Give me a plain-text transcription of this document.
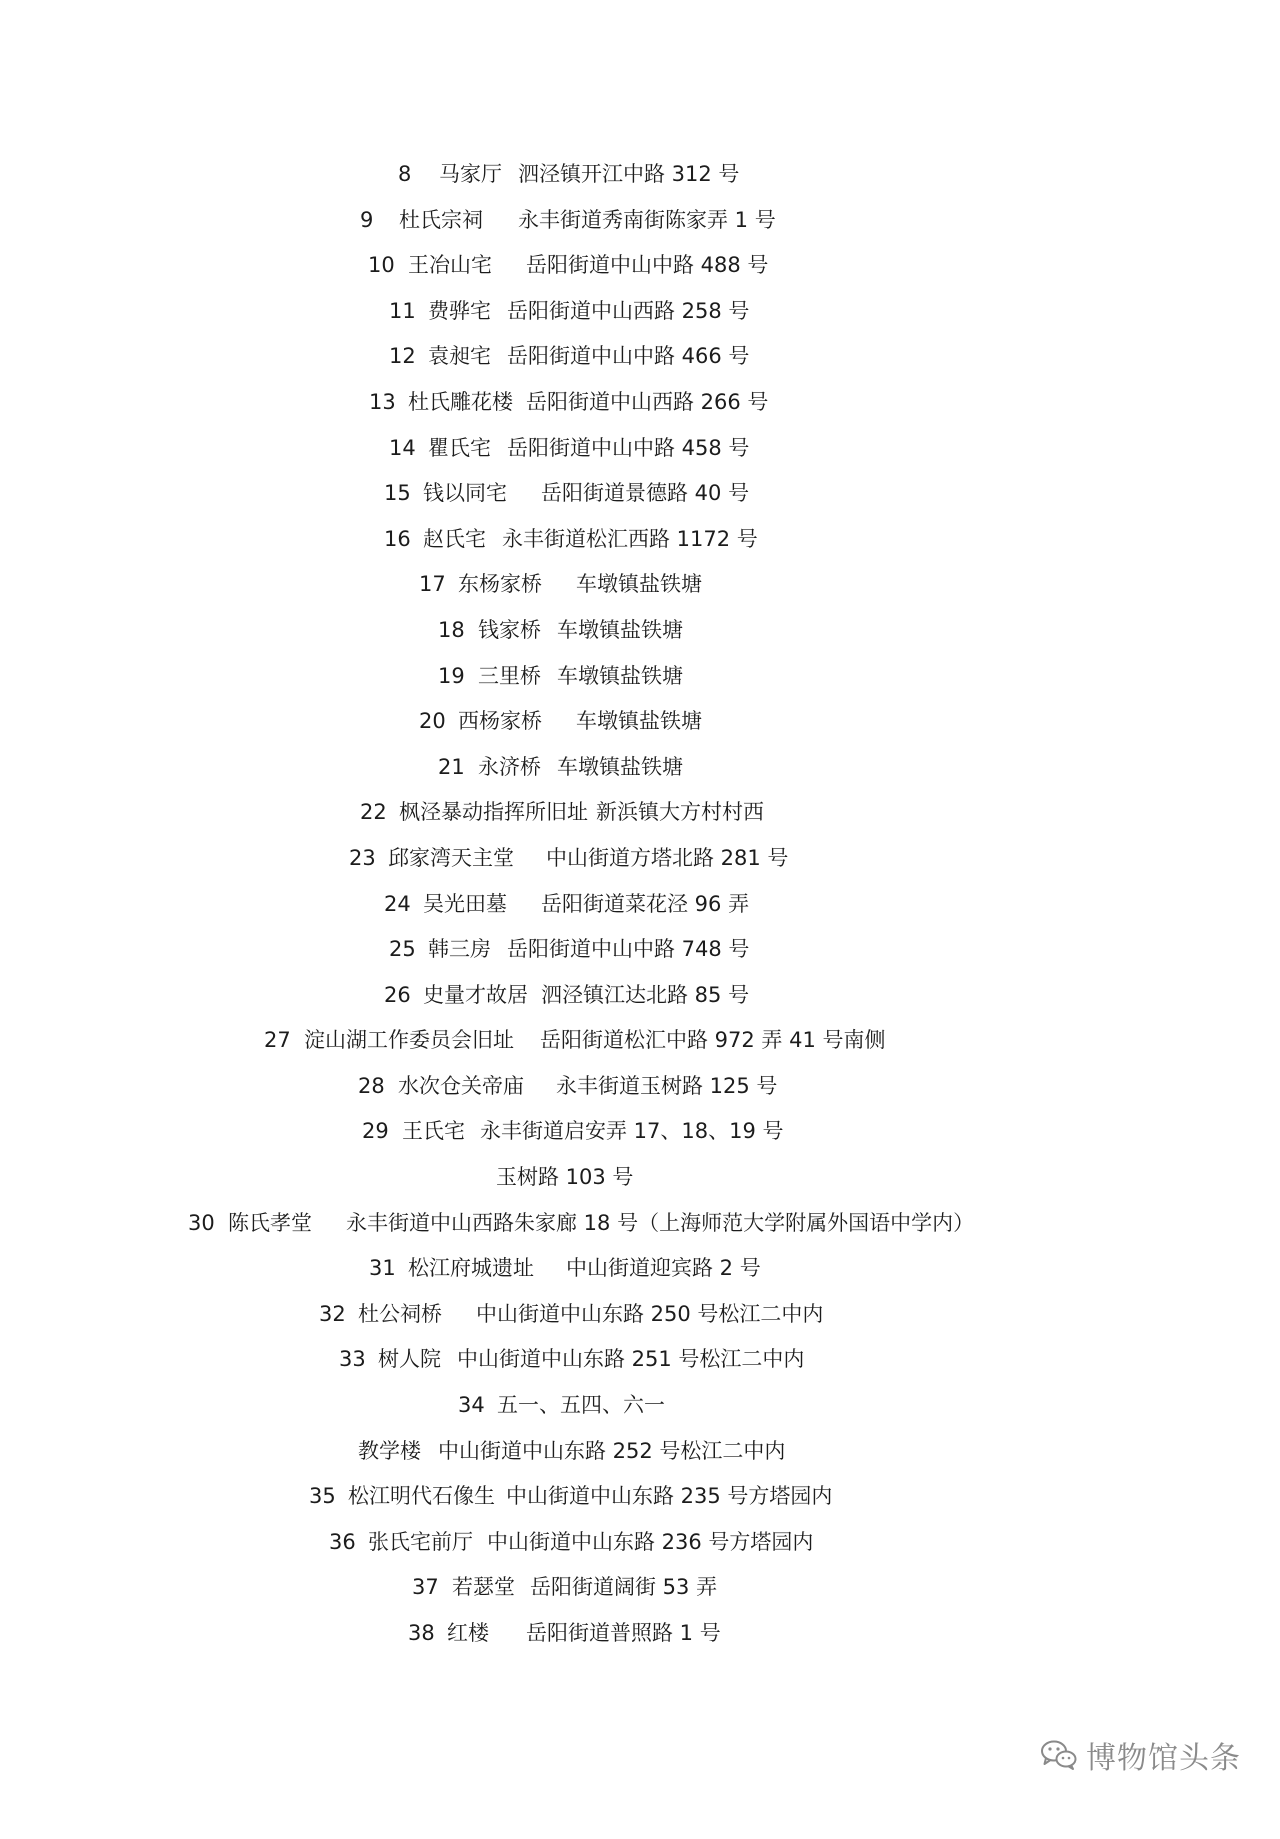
8

马家厅

泗泾镇开江中路 312 号

9

杜氏宗祠

永丰街道秀南街陈家弄 1 号

10

王冶山宅

岳阳街道中山中路 488 号

11

费骅宅

岳阳街道中山西路 258 号

12

袁昶宅

岳阳街道中山中路 466 号

13

杜氏雕花楼

岳阳街道中山西路 266 号

14

瞿氏宅

岳阳街道中山中路 458 号

15

钱以同宅

岳阳街道景德路 40 号

16

赵氏宅

永丰街道松汇西路 1172 号

17

东杨家桥

车墩镇盐铁塘

18

钱家桥

车墩镇盐铁塘

19

三里桥

车墩镇盐铁塘

20

西杨家桥

车墩镇盐铁塘

21

永济桥

车墩镇盐铁塘

22

枫泾暴动指挥所旧址

新浜镇大方村村西

23

邱家湾天主堂

中山街道方塔北路 281 号

24

吴光田墓

岳阳街道菜花泾 96 弄

25

韩三房

岳阳街道中山中路 748 号

26

史量才故居

泗泾镇江达北路 85 号

27

淀山湖工作委员会旧址

岳阳街道松汇中路 972 弄 41 号南侧

28

水次仓关帝庙

永丰街道玉树路 125 号

29

王氏宅

永丰街道启安弄 17、18、19 号

玉树路 103 号

30

陈氏孝堂

永丰街道中山西路朱家廊 18 号（上海师范大学附属外国语中学内）

31

松江府城遗址

中山街道迎宾路 2 号

32

杜公祠桥

中山街道中山东路 250 号松江二中内

33

树人院

中山街道中山东路 251 号松江二中内

34

五一、五四、六一

教学楼

中山街道中山东路 252 号松江二中内

35

松江明代石像生

中山街道中山东路 235 号方塔园内

36

张氏宅前厅

中山街道中山东路 236 号方塔园内

37

若瑟堂

岳阳街道阔街 53 弄

38

红楼

岳阳街道普照路 1 号

博物馆头条
